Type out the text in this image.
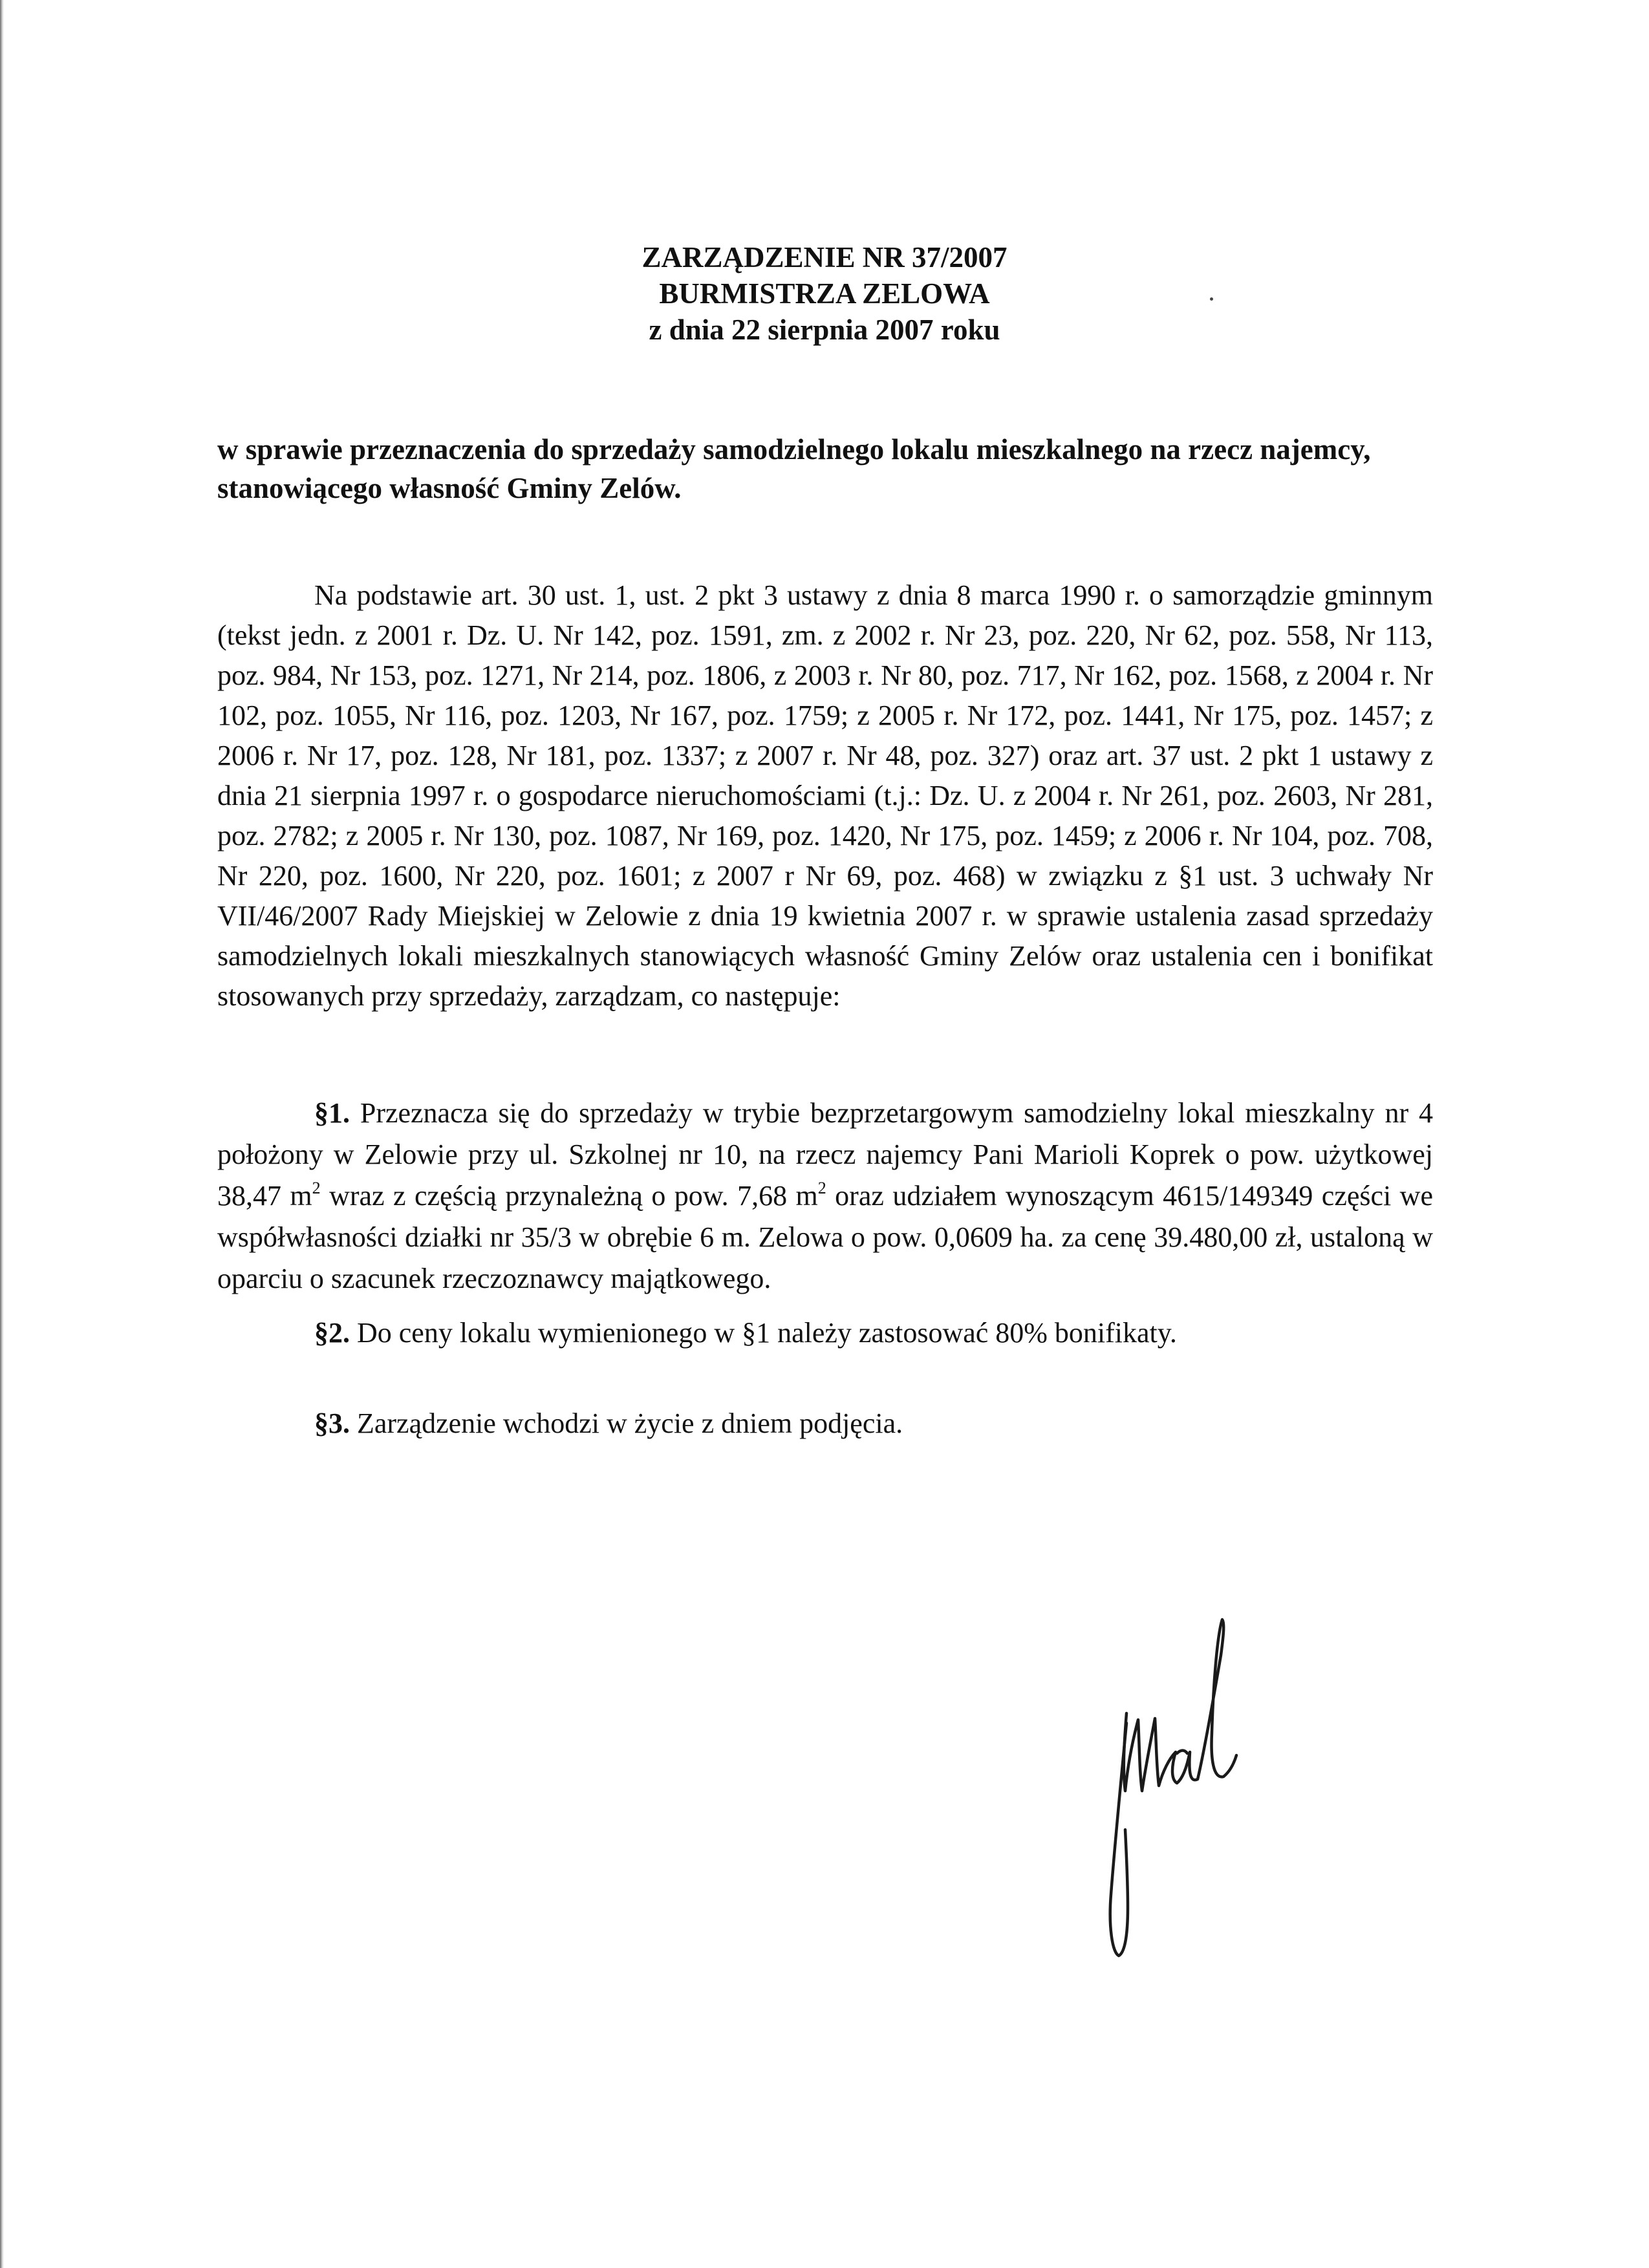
ZARZĄDZENIE NR 37/2007
BURMISTRZA ZELOWA
z dnia 22 sierpnia 2007 roku
w sprawie przeznaczenia do sprzedaży samodzielnego lokalu mieszkalnego na rzecz najemcy, stanowiącego własność Gminy Zelów.

Na podstawie art. 30 ust. 1, ust. 2 pkt 3 ustawy z dnia 8 marca 1990 r. o samorządzie gminnym (tekst jedn. z 2001 r. Dz. U. Nr 142, poz. 1591, zm. z 2002 r. Nr 23, poz. 220, Nr 62, poz. 558, Nr 113, poz. 984, Nr 153, poz. 1271, Nr 214, poz. 1806, z 2003 r. Nr 80, poz. 717, Nr 162, poz. 1568, z 2004 r. Nr 102, poz. 1055, Nr 116, poz. 1203, Nr 167, poz. 1759; z 2005 r. Nr 172, poz. 1441, Nr 175, poz. 1457; z 2006 r. Nr 17, poz. 128, Nr 181, poz. 1337; z 2007 r. Nr 48, poz. 327) oraz art. 37 ust. 2 pkt 1 ustawy z dnia 21 sierpnia 1997 r. o gospodarce nieruchomościami (t.j.: Dz. U. z 2004 r. Nr 261, poz. 2603, Nr 281, poz. 2782; z 2005 r. Nr 130, poz. 1087, Nr 169, poz. 1420, Nr 175, poz. 1459; z 2006 r. Nr 104, poz. 708, Nr 220, poz. 1600, Nr 220, poz. 1601; z 2007 r Nr 69, poz. 468) w związku z §1 ust. 3 uchwały Nr VII/46/2007 Rady Miejskiej w Zelowie z dnia 19 kwietnia 2007 r. w sprawie ustalenia zasad sprzedaży samodzielnych lokali mieszkalnych stanowiących własność Gminy Zelów oraz ustalenia cen i bonifikat stosowanych przy sprzedaży, zarządzam, co następuje:

§1. Przeznacza się do sprzedaży w trybie bezprzetargowym samodzielny lokal mieszkalny nr 4 położony w Zelowie przy ul. Szkolnej nr 10, na rzecz najemcy Pani Marioli Koprek o pow. użytkowej 38,47 $m^2$ wraz z częścią przynależną o pow. 7,68 $m^2$ oraz udziałem wynoszącym 4615/149349 części we współwłasności działki nr 35/3 w obrębie 6 m. Zelowa o pow. 0,0609 ha. za cenę 39.480,00 zł, ustaloną w oparciu o szacunek rzeczoznawcy majątkowego.

§2. Do ceny lokalu wymienionego w §1 należy zastosować 80% bonifikaty.

§3. Zarządzenie wchodzi w życie z dniem podjęcia.
